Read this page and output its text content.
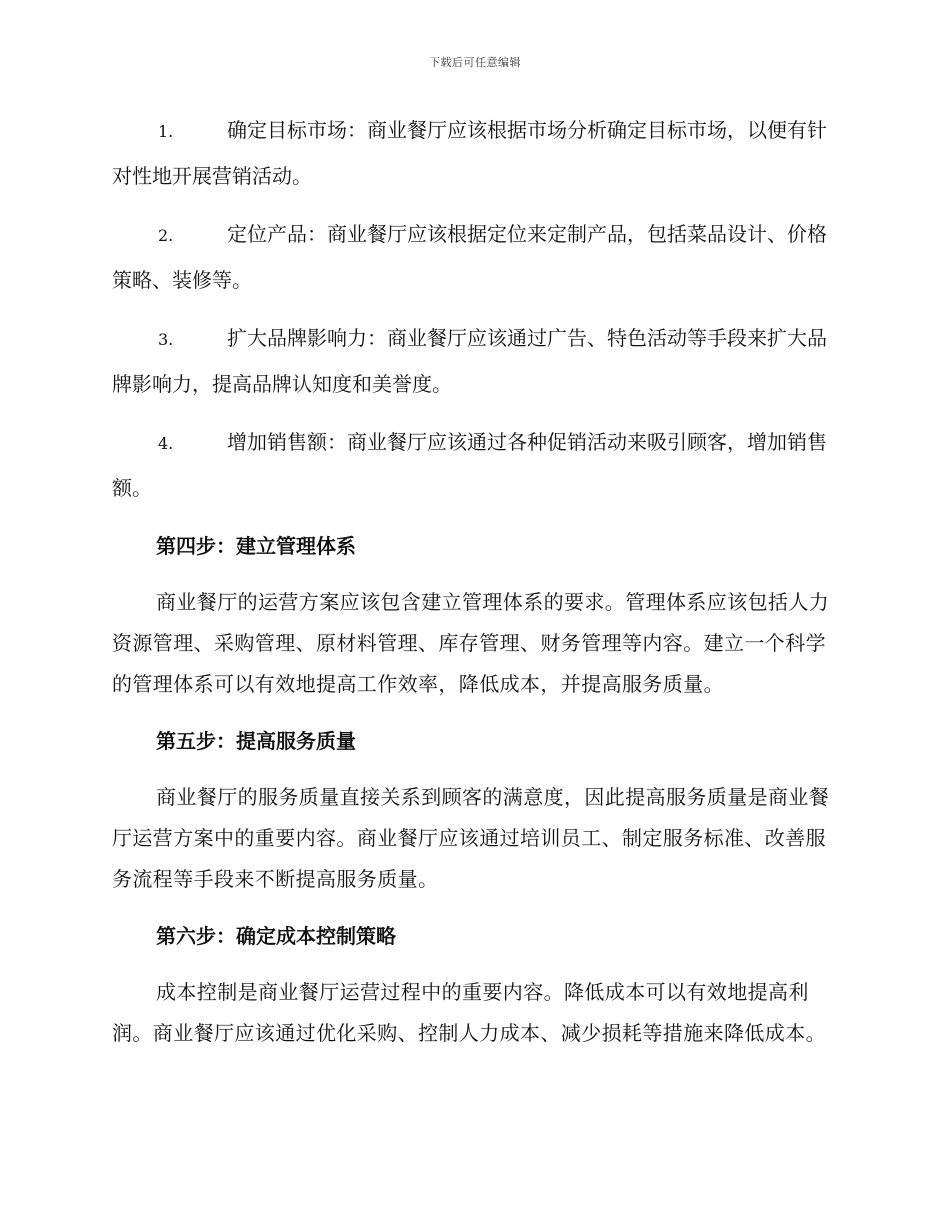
下载后可任意编辑
1.	确定目标市场：商业餐厅应该根据市场分析确定目标市场，以便有针对性地开展营销活动。
2.	定位产品：商业餐厅应该根据定位来定制产品，包括菜品设计、价格策略、装修等。
3.	扩大品牌影响力：商业餐厅应该通过广告、特色活动等手段来扩大品牌影响力，提高品牌认知度和美誉度。
4.	增加销售额：商业餐厅应该通过各种促销活动来吸引顾客，增加销售额。
第四步：建立管理体系
商业餐厅的运营方案应该包含建立管理体系的要求。管理体系应该包括人力资源管理、采购管理、原材料管理、库存管理、财务管理等内容。建立一个科学的管理体系可以有效地提高工作效率，降低成本，并提高服务质量。
第五步：提高服务质量
商业餐厅的服务质量直接关系到顾客的满意度，因此提高服务质量是商业餐厅运营方案中的重要内容。商业餐厅应该通过培训员工、制定服务标准、改善服务流程等手段来不断提高服务质量。
第六步：确定成本控制策略
成本控制是商业餐厅运营过程中的重要内容。降低成本可以有效地提高利润。商业餐厅应该通过优化采购、控制人力成本、减少损耗等措施来降低成本。
